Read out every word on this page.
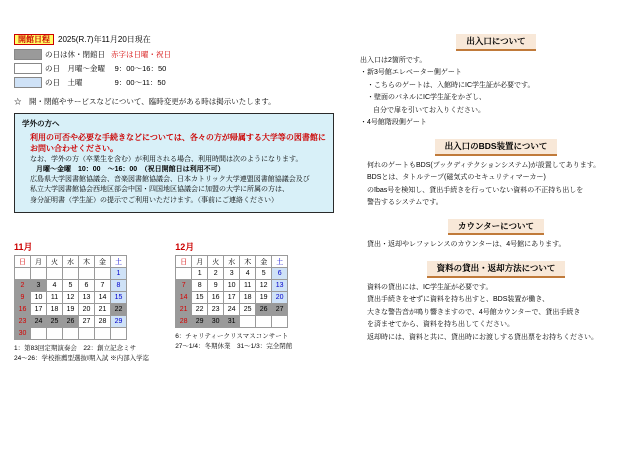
開館日程 2025(R.7)年11月20日現在
の日は休・閉館日 赤字は日曜・祝日
の日　月曜～金曜　 9：00～16：50
の日　土曜　　　　 9：00～11：50
☆　開・閉館やサービスなどについて、臨時変更がある時は掲示いたします。
学外の方へ
利用の可否や必要な手続きなどについては、各々の方が帰属する大学等の図書館にお問い合わせください。
なお、学外の方（卒業生を含む）が利用される場合、利用時間は次のようになります。
月曜～金曜　10：00　～16：00　（祝日開館日は利用不可）
広島県大学図書館協議会、音楽図書館協議会、日本カトリック大学連盟図書館協議会及び
私立大学図書館協会西地区部会中国・四国地区協議会に加盟の大学に所属の方は、
身分証明書（学生証）の提示でご利用いただけます。（事前にご連絡ください）
11月
日	月	火	水	木	金	土
						1
2	3	4	5	6	7	8
9	10	11	12	13	14	15
16	17	18	19	20	21	22
23	24	25	26	27	28	29
30						
1：第83回定期演奏会　22：創立記念ミサ
24～26：学校推薦型選抜Ⅰ期入試 ※内部入学迄
12月
日	月	火	水	木	金	土
	1	2	3	4	5	6
7	8	9	10	11	12	13
14	15	16	17	18	19	20
21	22	23	24	25	26	27
28	29	30	31			
6：チャリティークリスマスコンサート
27～1/4：冬期休業　31～1/3：完全閉館
出入口について

出入口は2箇所です。

・新3号館エレベーター側ゲート

・こちらのゲートは、入館時にIC学生証が必要です。

・壁面のパネルにIC学生証をかざし、

自分で扉を引いてお入りください。

・4号館階段側ゲート

出入口のBDS装置について

何れのゲートもBDS(ブックディテクションシステム)が設置してあります。

BDSとは、タトルテープ(磁気式のセキュリティマーカー)

のības号を検知し、貸出手続きを行っていない資料の不正持ち出しを

警告するシステムです。

カウンターについて

貸出・返却やレファレンスのカウンターは、4号館にあります。

資料の貸出・返却方法について

資料の貸出には、IC学生証が必要です。

貸出手続きをせずに資料を持ち出すと、BDS装置が働き、

大きな警告音が鳴り響きますので、4号館カウンターで、貸出手続き

を済ませてから、資料を持ち出してください。

返却時には、資料と共に、貸出時にお渡しする貸出票をお持ちください。
